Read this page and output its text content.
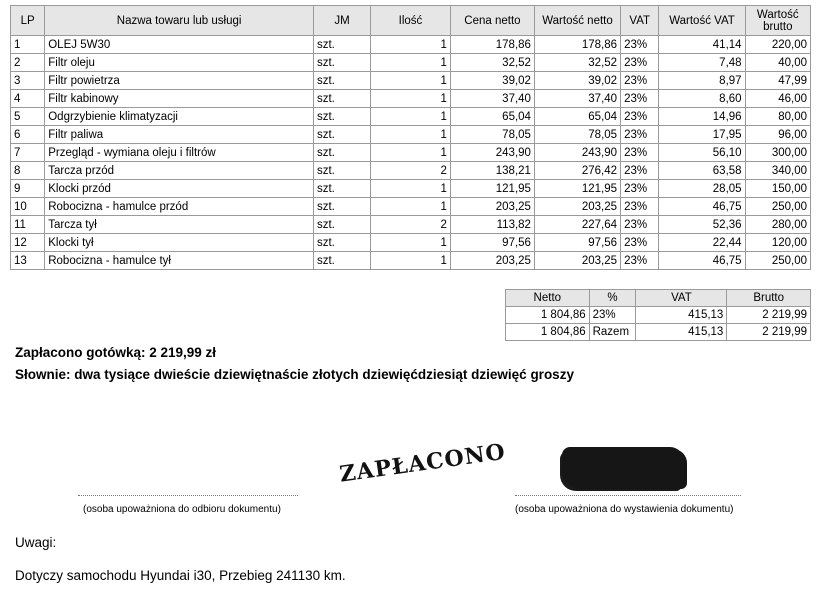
LP	Nazwa towaru lub usługi	JM	Ilość	Cena netto	Wartość netto	VAT	Wartość VAT	Wartość brutto
1	OLEJ 5W30	szt.	1	178,86	178,86	23%	41,14	220,00
2	Filtr oleju	szt.	1	32,52	32,52	23%	7,48	40,00
3	Filtr powietrza	szt.	1	39,02	39,02	23%	8,97	47,99
4	Filtr kabinowy	szt.	1	37,40	37,40	23%	8,60	46,00
5	Odgrzybienie klimatyzacji	szt.	1	65,04	65,04	23%	14,96	80,00
6	Filtr paliwa	szt.	1	78,05	78,05	23%	17,95	96,00
7	Przegląd - wymiana oleju i filtrów	szt.	1	243,90	243,90	23%	56,10	300,00
8	Tarcza przód	szt.	2	138,21	276,42	23%	63,58	340,00
9	Klocki przód	szt.	1	121,95	121,95	23%	28,05	150,00
10	Robocizna - hamulce przód	szt.	1	203,25	203,25	23%	46,75	250,00
11	Tarcza tył	szt.	2	113,82	227,64	23%	52,36	280,00
12	Klocki tył	szt.	1	97,56	97,56	23%	22,44	120,00
13	Robocizna - hamulce tył	szt.	1	203,25	203,25	23%	46,75	250,00
Netto	%	VAT	Brutto
1 804,86	23%	415,13	2 219,99
1 804,86	Razem	415,13	2 219,99
Zapłacono gotówką: 2 219,99 zł
Słownie: dwa tysiące dwieście dziewiętnaście złotych dziewięćdziesiąt dziewięć groszy
(osoba upoważniona do odbioru dokumentu)
ZAPŁACONO
(osoba upoważniona do wystawienia dokumentu)
Uwagi:
Dotyczy samochodu Hyundai i30, Przebieg 241130 km.
